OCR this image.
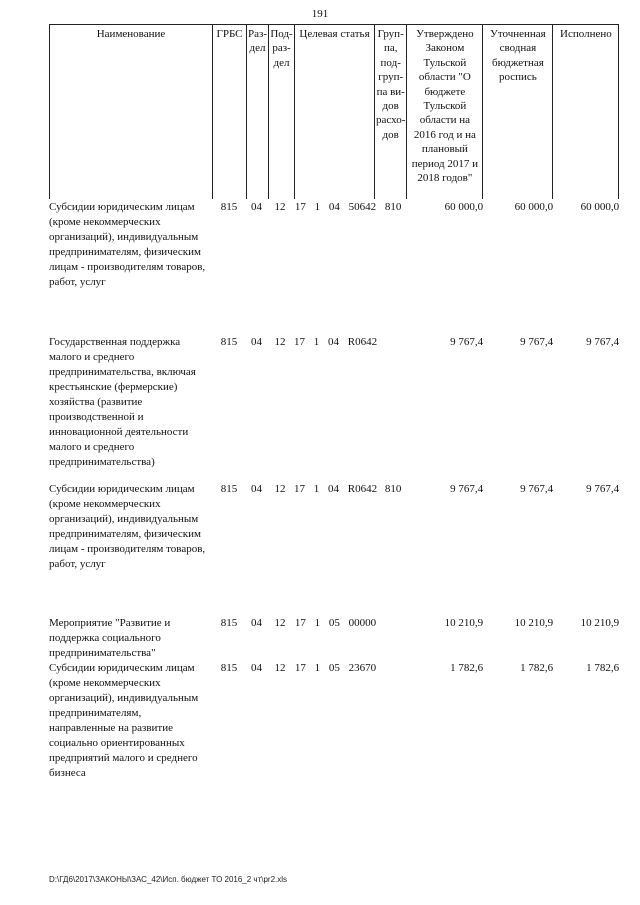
191
Наименование	ГРБС	Раз-дел	Под-раз-дел	Целевая статья	Груп-па, под-груп-па ви-дов расхо-дов	Утверждено Законом Тульской области "О бюджете Тульской области на 2016 год и на плановый период 2017 и 2018 годов"	Уточненная сводная бюджетная роспись	Исполнено
Субсидии юридическим лицам (кроме некоммерческих организаций), индивидуальным предпринимателям, физическим лицам - производителям товаров, работ, услуг	815	04	12	17 1 04 50642	810	60 000,0	60 000,0	60 000,0
Государственная поддержка малого и среднего предпринимательства, включая крестьянские (фермерские) хозяйства (развитие производственной и инновационной деятельности малого и среднего предпринимательства)	815	04	12	17 1 04 R0642		9 767,4	9 767,4	9 767,4
Субсидии юридическим лицам (кроме некоммерческих организаций), индивидуальным предпринимателям, физическим лицам - производителям товаров, работ, услуг	815	04	12	17 1 04 R0642	810	9 767,4	9 767,4	9 767,4
Мероприятие "Развитие и поддержка социального предпринимательства"	815	04	12	17 1 05 00000		10 210,9	10 210,9	10 210,9
Субсидии юридическим лицам (кроме некоммерческих организаций), индивидуальным предпринимателям, направленные на развитие социально ориентированных предприятий малого и среднего бизнеса	815	04	12	17 1 05 23670		1 782,6	1 782,6	1 782,6
D:\ГД6\2017\ЗАКОНЫ\ЗАС_42\Исп. бюджет ТО 2016_2 чт\pr2.xls
